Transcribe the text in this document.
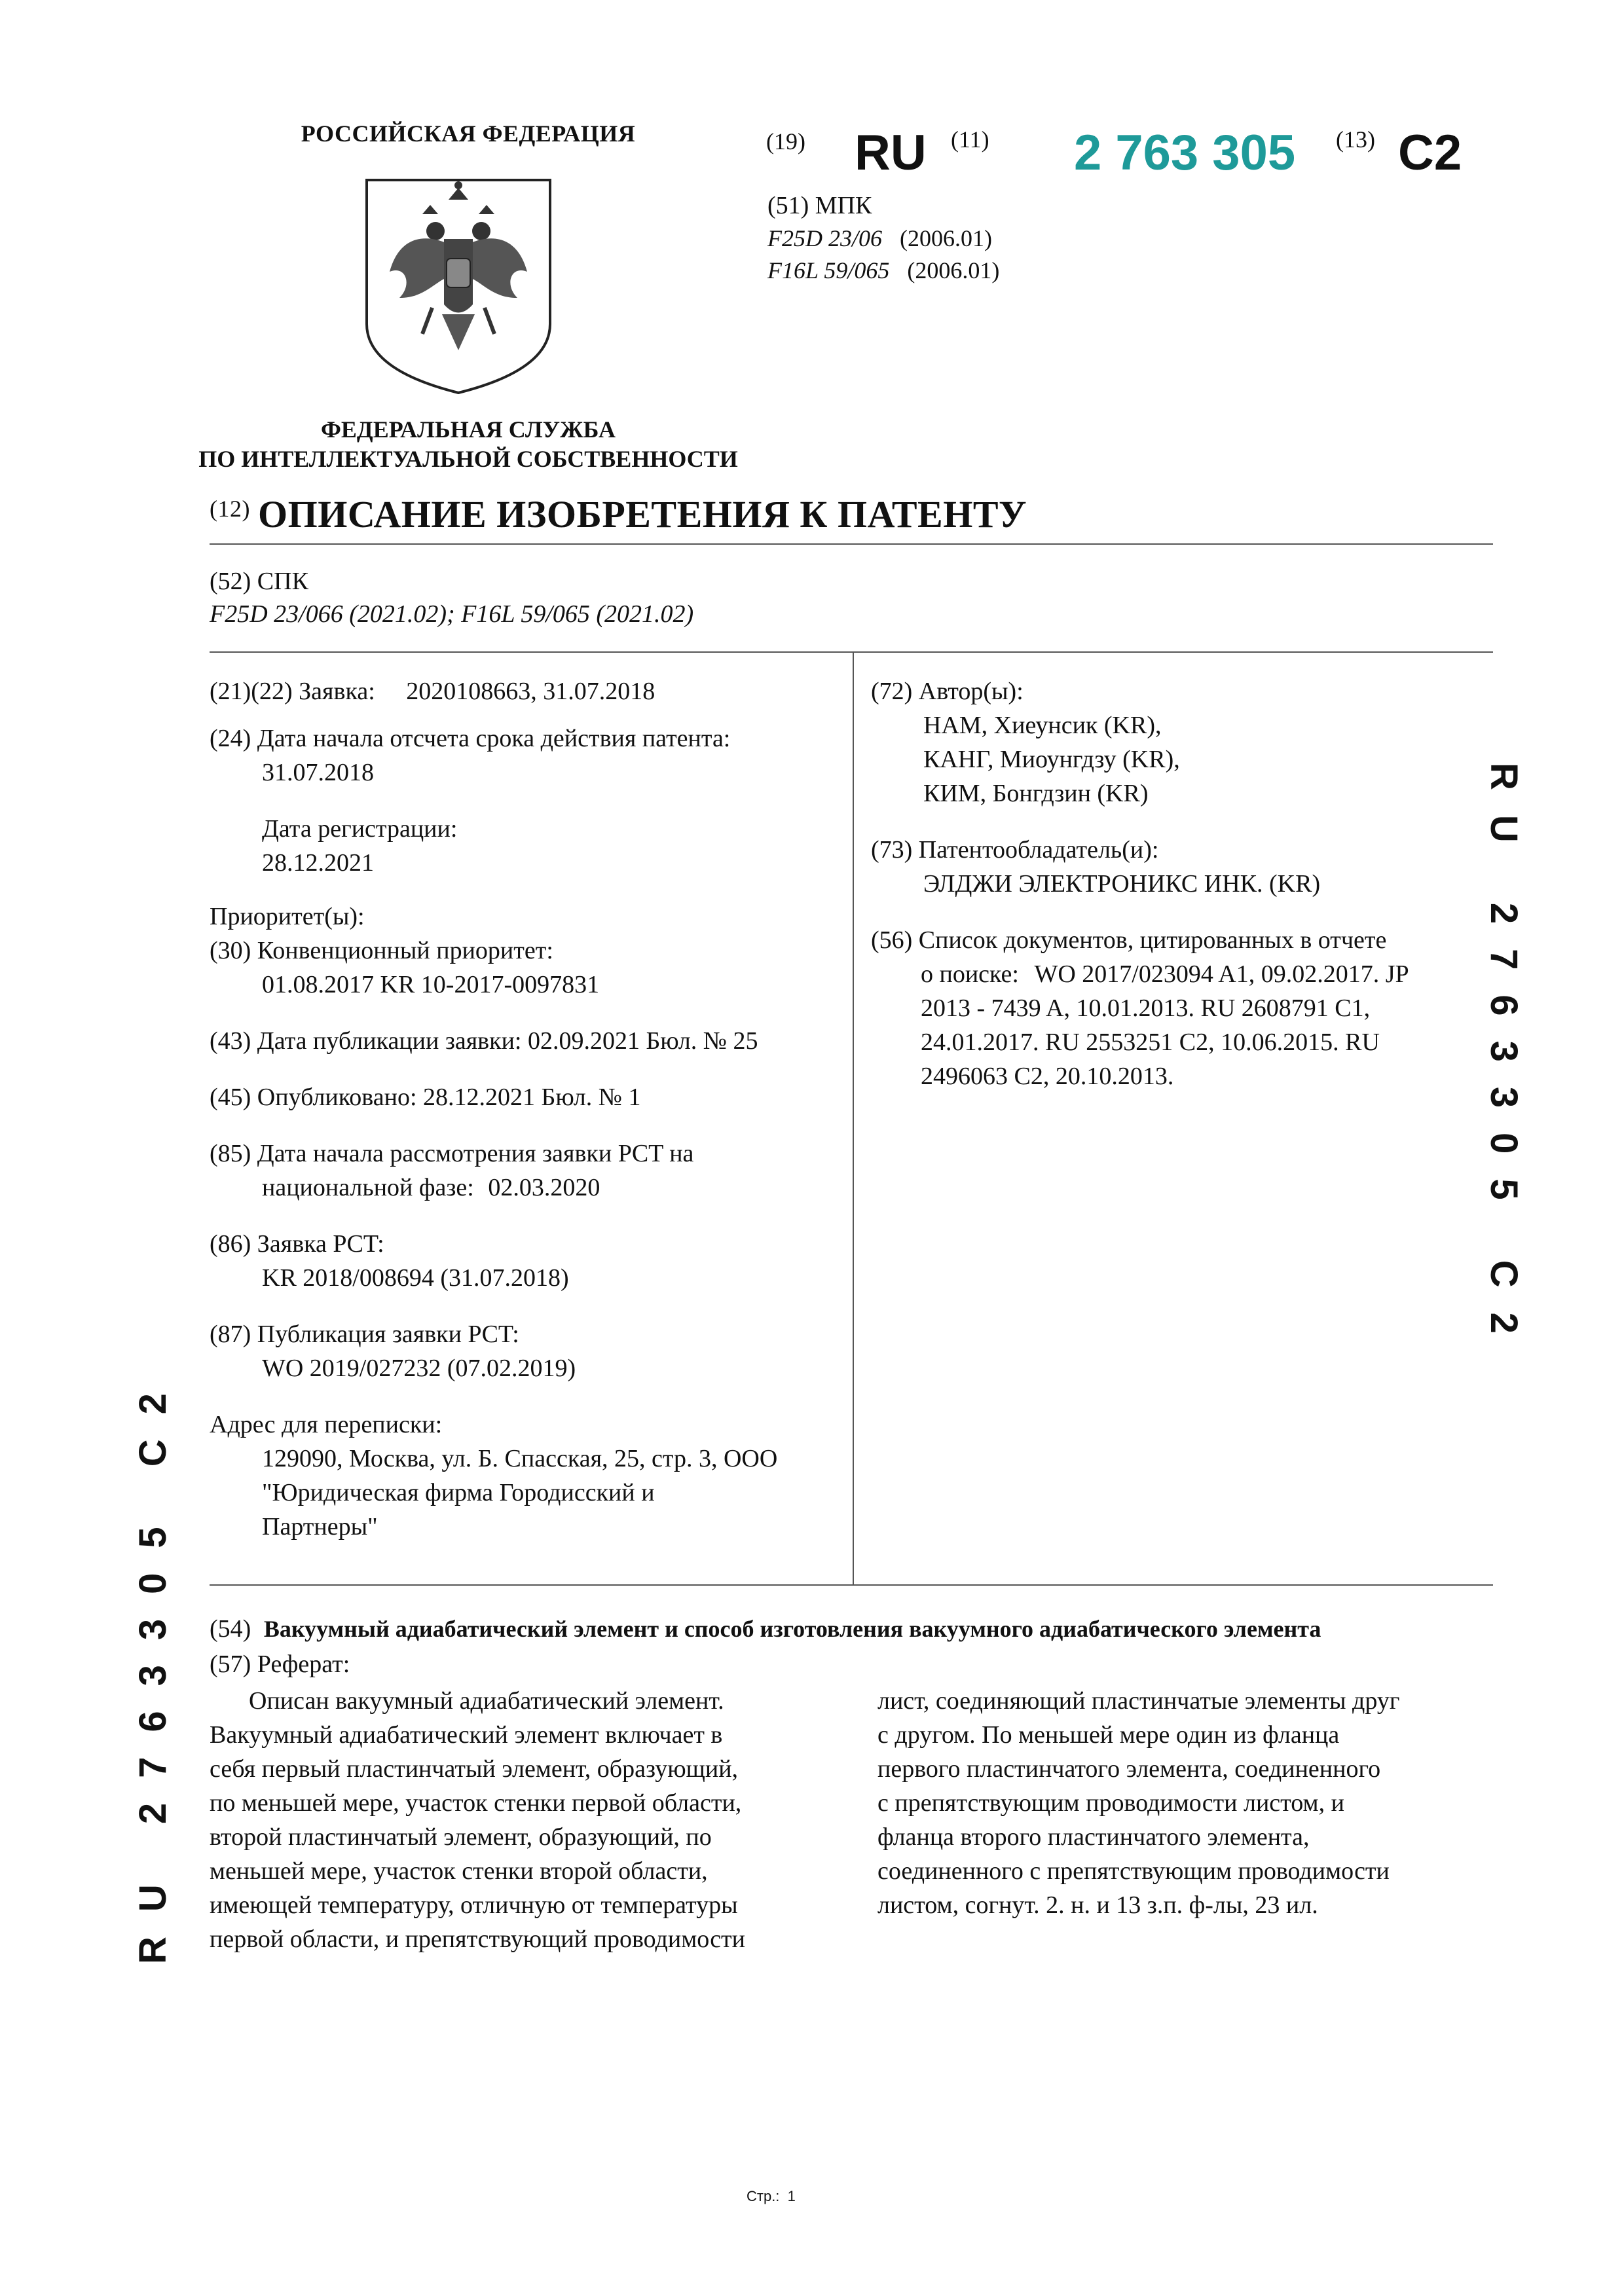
РОССИЙСКАЯ ФЕДЕРАЦИЯ
ФЕДЕРАЛЬНАЯ СЛУЖБА
ПО ИНТЕЛЛЕКТУАЛЬНОЙ СОБСТВЕННОСТИ
(19) RU (11) 2 763 305 (13) C2
(51) МПК
F25D 23/06 (2006.01)
F16L 59/065 (2006.01)
$^{(12)}$ ОПИСАНИЕ ИЗОБРЕТЕНИЯ К ПАТЕНТУ
(52) СПК
F25D 23/066 (2021.02); F16L 59/065 (2021.02)
(21)(22) Заявка: 2020108663, 31.07.2018
(24) Дата начала отсчета срока действия патента:
31.07.2018
Дата регистрации:
28.12.2021
Приоритет(ы):
(30) Конвенционный приоритет:
01.08.2017 KR 10-2017-0097831
(43) Дата публикации заявки: 02.09.2021 Бюл. № 25
(45) Опубликовано: 28.12.2021 Бюл. № 1
(85) Дата начала рассмотрения заявки PCT на
национальной фазе: 02.03.2020
(86) Заявка PCT:
KR 2018/008694 (31.07.2018)
(87) Публикация заявки PCT:
WO 2019/027232 (07.02.2019)
Адрес для переписки:
129090, Москва, ул. Б. Спасская, 25, стр. 3, ООО
"Юридическая фирма Городисский и
Партнеры"
(72) Автор(ы):
НАМ, Хиеунсик (KR),
КАНГ, Миоунгдзу (KR),
КИМ, Бонгдзин (KR)
(73) Патентообладатель(и):
ЭЛДЖИ ЭЛЕКТРОНИКС ИНК. (KR)
(56) Список документов, цитированных в отчете
о поиске: WO 2017/023094 A1, 09.02.2017. JP
2013 - 7439 A, 10.01.2013. RU 2608791 C1,
24.01.2017. RU 2553251 C2, 10.06.2015. RU
2496063 C2, 20.10.2013.
(54) Вакуумный адиабатический элемент и способ изготовления вакуумного адиабатического элемента
(57) Реферат:
Описан вакуумный адиабатический элемент.
Вакуумный адиабатический элемент включает в
себя первый пластинчатый элемент, образующий,
по меньшей мере, участок стенки первой области,
второй пластинчатый элемент, образующий, по
меньшей мере, участок стенки второй области,
имеющей температуру, отличную от температуры
первой области, и препятствующий проводимости
лист, соединяющий пластинчатые элементы друг
с другом. По меньшей мере один из фланца
первого пластинчатого элемента, соединенного
с препятствующим проводимости листом, и
фланца второго пластинчатого элемента,
соединенного с препятствующим проводимости
листом, согнут. 2. н. и 13 з.п. ф-лы, 23 ил.
RU 2763305 C2
RU 2763305 C2
Стр.: 1
